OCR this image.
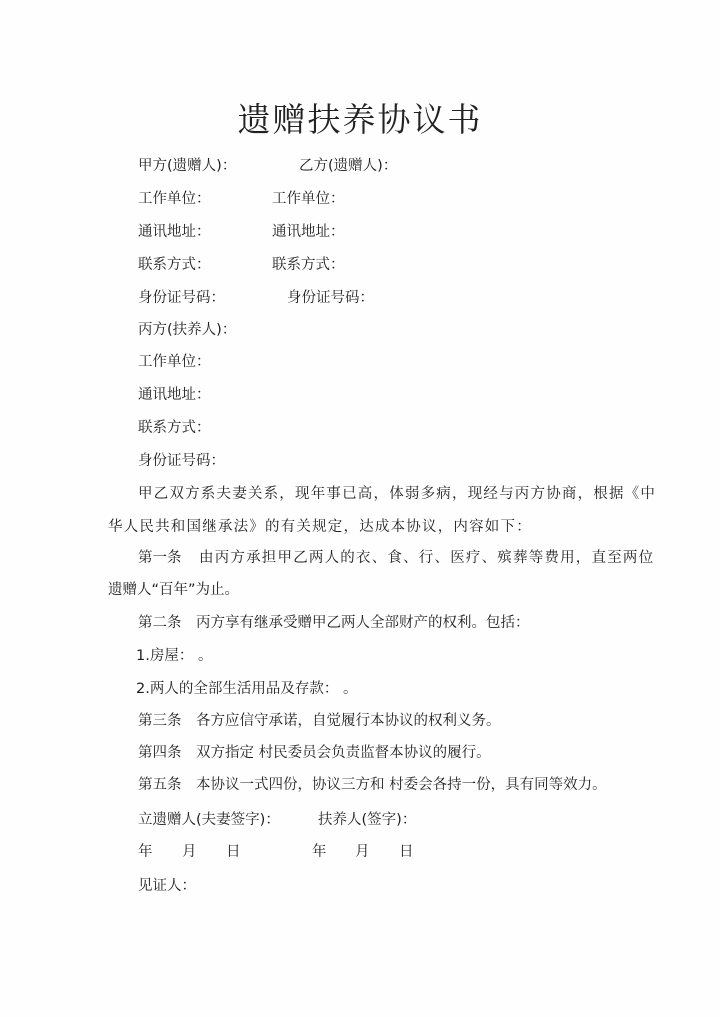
遗赠扶养协议书
甲方(遗赠人)：	乙方(遗赠人)：
工作单位：	工作单位：
通讯地址：	通讯地址：
联系方式：	联系方式：
身份证号码：	身份证号码：
丙方(扶养人)：
工作单位：
通讯地址：
联系方式：
身份证号码：
甲乙双方系夫妻关系，现年事已高，体弱多病，现经与丙方协商，根据《中
华人民共和国继承法》的有关规定，达成本协议，内容如下：
第一条 由丙方承担甲乙两人的衣、食、行、医疗、殡葬等费用，直至两位
遗赠人“百年”为止。
第二条 丙方享有继承受赠甲乙两人全部财产的权利。包括：
1.房屋： 。
2.两人的全部生活用品及存款： 。
第三条 各方应信守承诺，自觉履行本协议的权利义务。
第四条 双方指定 村民委员会负责监督本协议的履行。
第五条 本协议一式四份，协议三方和 村委会各持一份，具有同等效力。
立遗赠人(夫妻签字)：	扶养人(签字)：
年 月 日	年 月 日
见证人：
